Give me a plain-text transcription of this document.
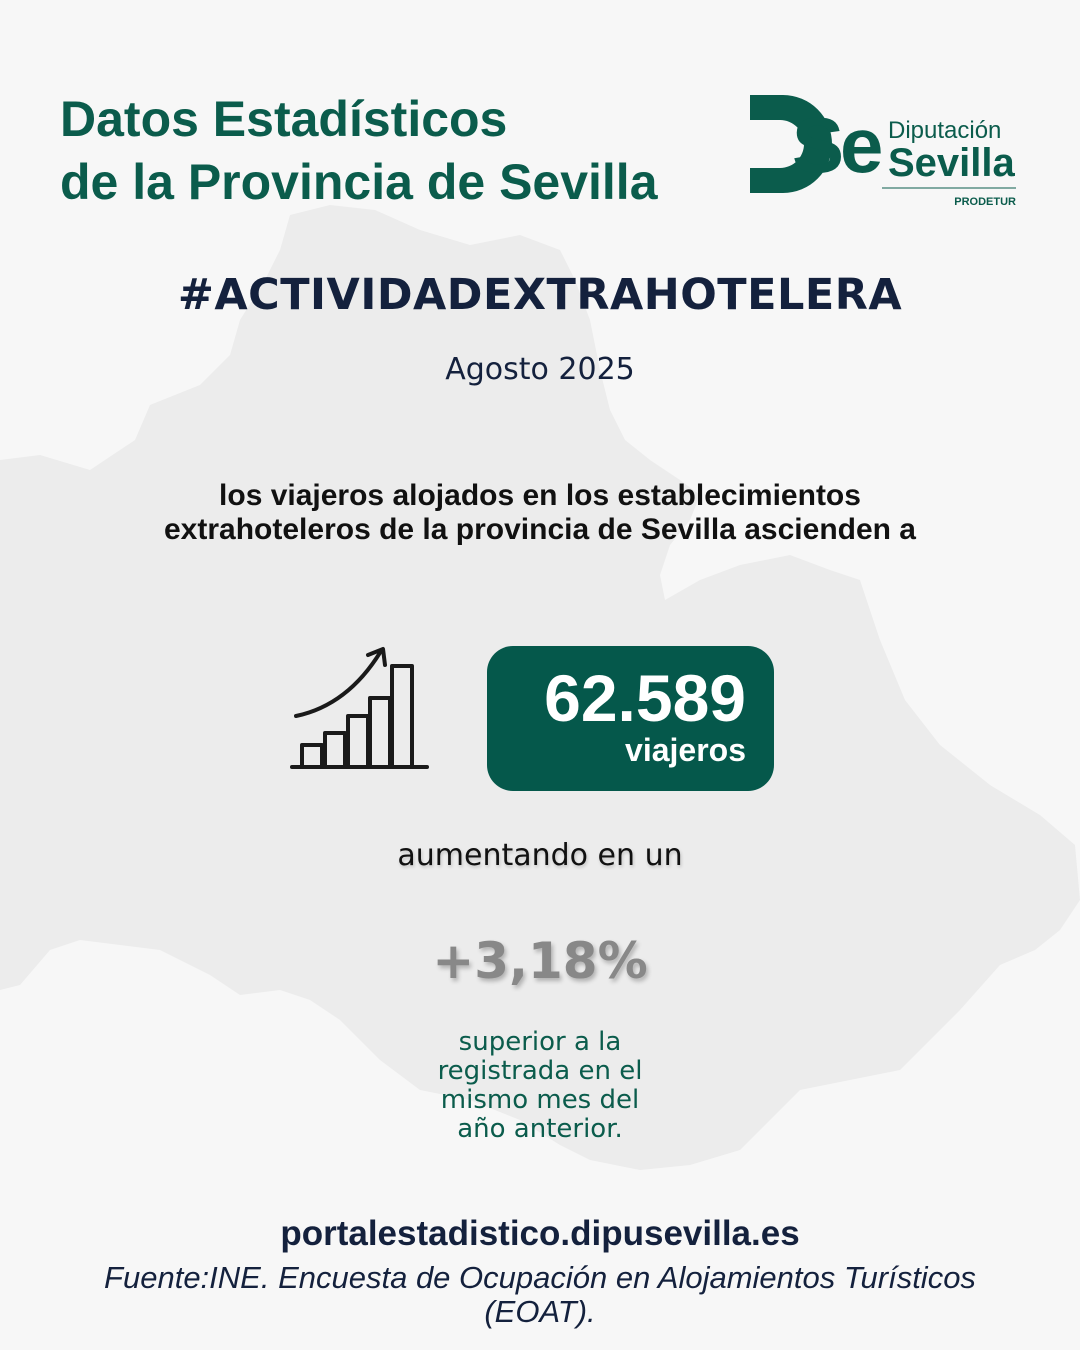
Datos Estadísticos
de la Provincia de Sevilla Se Diputación
Sevilla
PRODETUR
#ACTIVIDADEXTRAHOTELERA
Agosto 2025
los viajeros alojados en los establecimientos
extrahoteleros de la provincia de Sevilla ascienden a
62.589
viajeros
aumentando en un
+3,18%
superior a la
registrada en el
mismo mes del
año anterior.
portalestadistico.dipusevilla.es
Fuente:INE. Encuesta de Ocupación en Alojamientos Turísticos (EOAT).
